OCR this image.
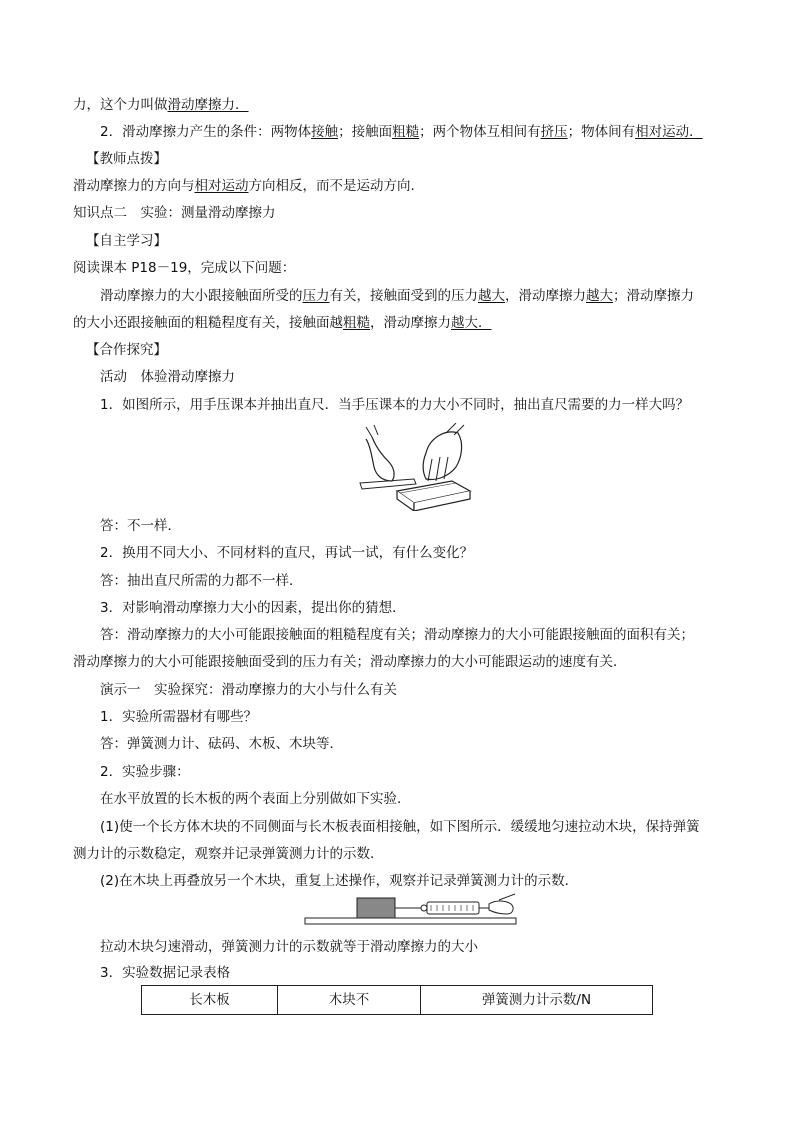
力，这个力叫做滑动摩擦力．
2．滑动摩擦力产生的条件：两物体接触；接触面粗糙；两个物体互相间有挤压；物体间有相对运动．
【教师点拨】
滑动摩擦力的方向与相对运动方向相反，而不是运动方向.
知识点二　实验：测量滑动摩擦力
【自主学习】
阅读课本 P18－19，完成以下问题：
滑动摩擦力的大小跟接触面所受的压力有关，接触面受到的压力越大，滑动摩擦力越大；滑动摩擦力
的大小还跟接触面的粗糙程度有关，接触面越粗糙，滑动摩擦力越大．
【合作探究】
活动　体验滑动摩擦力
1．如图所示，用手压课本并抽出直尺．当手压课本的力大小不同时，抽出直尺需要的力一样大吗？
答：不一样．
2．换用不同大小、不同材料的直尺，再试一试，有什么变化？
答：抽出直尺所需的力都不一样．
3．对影响滑动摩擦力大小的因素，提出你的猜想．
答：滑动摩擦力的大小可能跟接触面的粗糙程度有关；滑动摩擦力的大小可能跟接触面的面积有关；
滑动摩擦力的大小可能跟接触面受到的压力有关；滑动摩擦力的大小可能跟运动的速度有关．
演示一　实验探究：滑动摩擦力的大小与什么有关
1．实验所需器材有哪些？
答：弹簧测力计、砝码、木板、木块等．
2．实验步骤：
在水平放置的长木板的两个表面上分别做如下实验．
(1)使一个长方体木块的不同侧面与长木板表面相接触，如下图所示．缓缓地匀速拉动木块，保持弹簧
测力计的示数稳定，观察并记录弹簧测力计的示数．
(2)在木块上再叠放另一个木块，重复上述操作，观察并记录弹簧测力计的示数．
拉动木块匀速滑动，弹簧测力计的示数就等于滑动摩擦力的大小
3．实验数据记录表格
长木板	木块不	弹簧测力计示数/N
